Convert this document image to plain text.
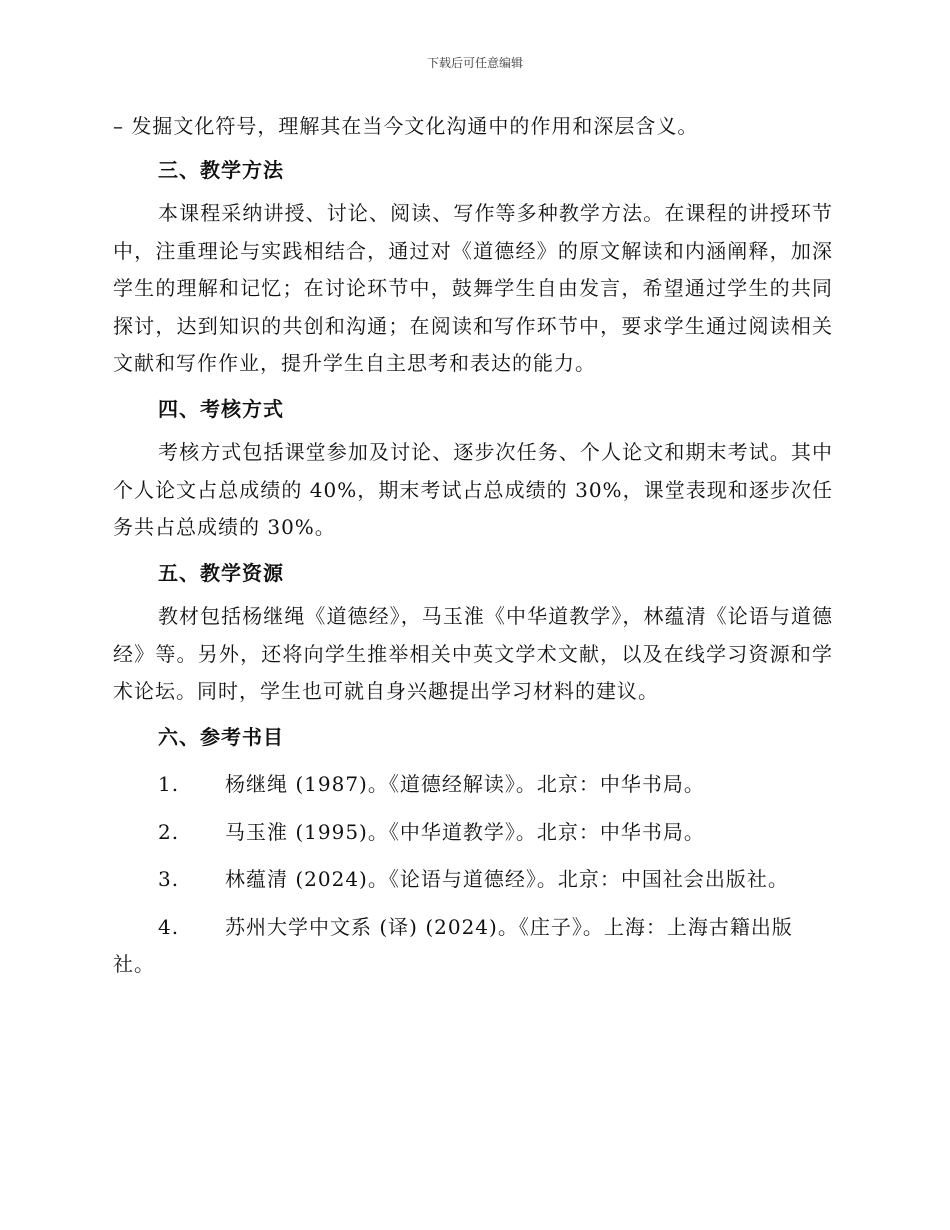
下载后可任意编辑
– 发掘文化符号，理解其在当今文化沟通中的作用和深层含义。
三、教学方法
本课程采纳讲授、讨论、阅读、写作等多种教学方法。在课程的讲授环节中，注重理论与实践相结合，通过对《道德经》的原文解读和内涵阐释，加深学生的理解和记忆；在讨论环节中，鼓舞学生自由发言，希望通过学生的共同探讨，达到知识的共创和沟通；在阅读和写作环节中，要求学生通过阅读相关文献和写作作业，提升学生自主思考和表达的能力。
四、考核方式
考核方式包括课堂参加及讨论、逐步次任务、个人论文和期末考试。其中个人论文占总成绩的 40%，期末考试占总成绩的 30%，课堂表现和逐步次任务共占总成绩的 30%。
五、教学资源
教材包括杨继绳《道德经》，马玉淮《中华道教学》，林蕴清《论语与道德经》等。另外，还将向学生推举相关中英文学术文献，以及在线学习资源和学术论坛。同时，学生也可就自身兴趣提出学习材料的建议。
六、参考书目
1.	杨继绳 (1987)。《道德经解读》。北京：中华书局。
2.	马玉淮 (1995)。《中华道教学》。北京：中华书局。
3.	林蕴清 (2024)。《论语与道德经》。北京：中国社会出版社。
4. 苏州大学中文系 (译) (2024)。《庄子》。上海：上海古籍出版社。
